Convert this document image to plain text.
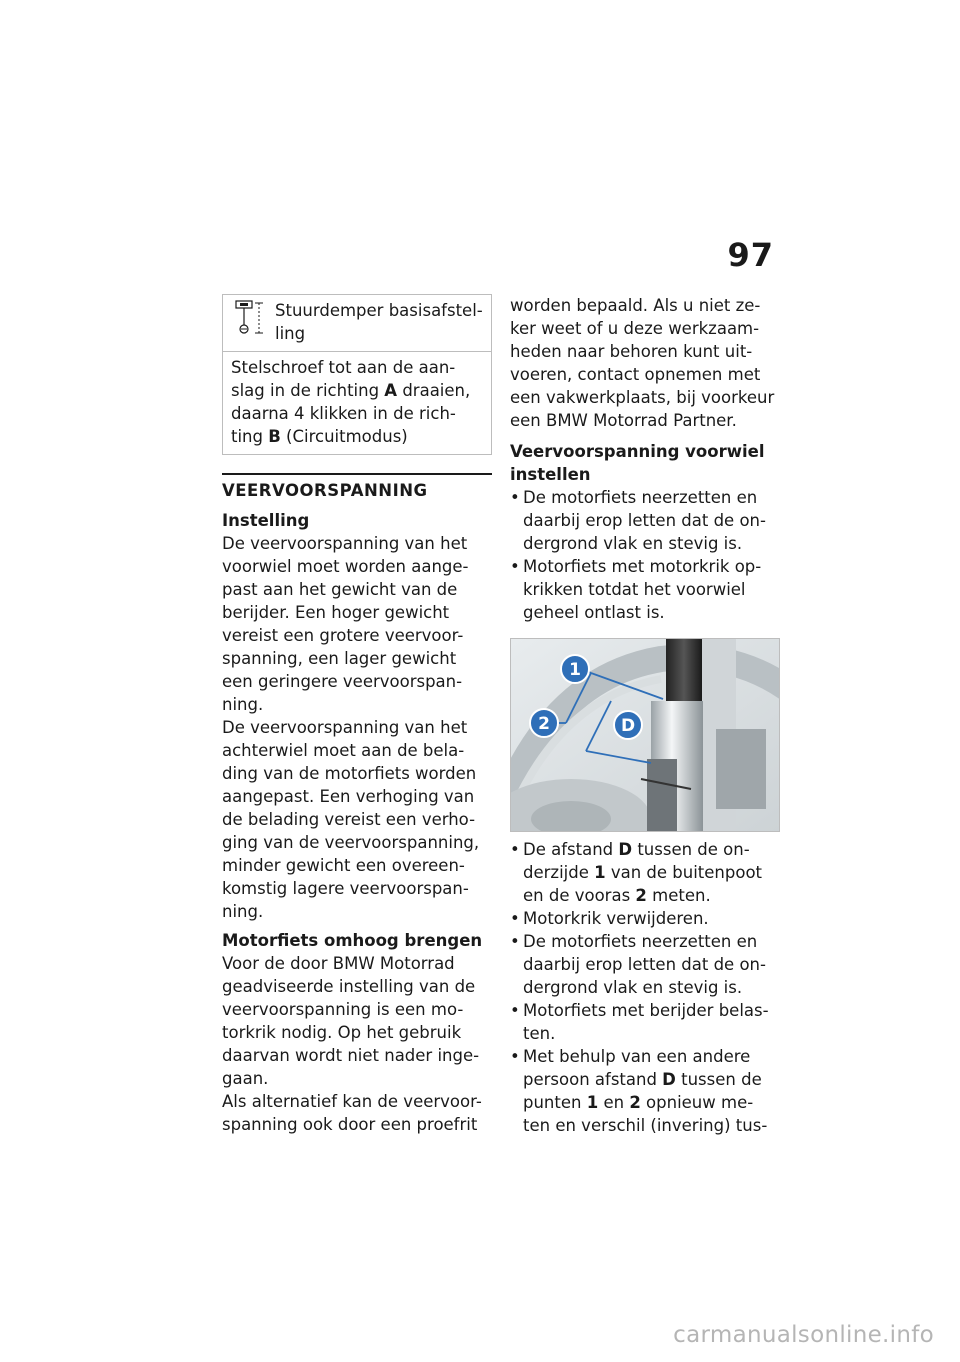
97

Stuurdemper basisafstel-

ling

Stelschroef tot aan de aan-

slag in de richting A draaien,

daarna 4 klikken in de rich-

ting B (Circuitmodus)

VEERVOORSPANNING
Instelling

De veervoorspanning van het

voorwiel moet worden aange-

past aan het gewicht van de

berijder. Een hoger gewicht

vereist een grotere veervoor-

spanning, een lager gewicht

een geringere veervoorspan-

ning.

De veervoorspanning van het

achterwiel moet aan de bela-

ding van de motorfiets worden

aangepast. Een verhoging van

de belading vereist een verho-

ging van de veervoorspanning,

minder gewicht een overeen-

komstig lagere veervoorspan-

ning.

Motorfiets omhoog brengen

Voor de door BMW Motorrad

geadviseerde instelling van de

veervoorspanning is een mo-

torkrik nodig. Op het gebruik

daarvan wordt niet nader inge-

gaan.

Als alternatief kan de veervoor-

spanning ook door een proefrit

worden bepaald. Als u niet ze-

ker weet of u deze werkzaam-

heden naar behoren kunt uit-

voeren, contact opnemen met

een vakwerkplaats, bij voorkeur

een BMW Motorrad Partner.

Veervoorspanning voorwiel
instellen
• De motorfiets neerzetten en

daarbij erop letten dat de on-

dergrond vlak en stevig is.

• Motorfiets met motorkrik op-

krikken totdat het voorwiel

geheel ontlast is.

1
2	D
• De afstand D tussen de on-

derzijde 1 van de buitenpoot

en de vooras 2 meten.

• Motorkrik verwijderen.

• De motorfiets neerzetten en

daarbij erop letten dat de on-

dergrond vlak en stevig is.

• Motorfiets met berijder belas-

ten.

• Met behulp van een andere

persoon afstand D tussen de

punten 1 en 2 opnieuw me-

ten en verschil (invering) tus-

carmanualsonline.info
